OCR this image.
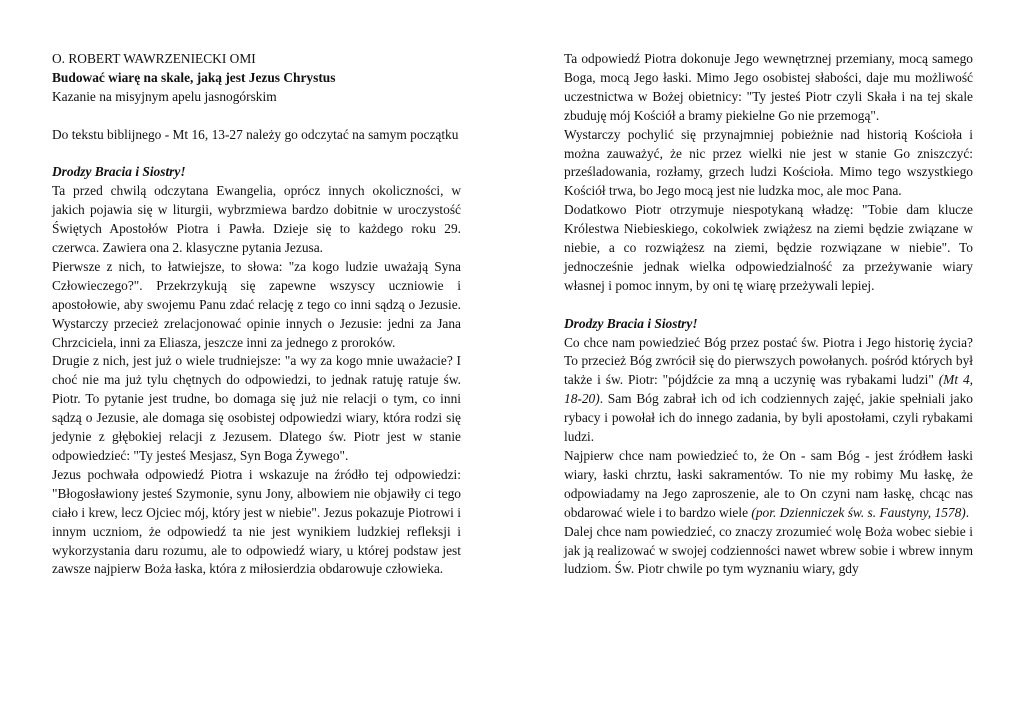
O. ROBERT WAWRZENIECKI OMI

Budować wiarę na skale, jaką jest Jezus Chrystus

Kazanie na misyjnym apelu jasnogórskim

Do tekstu biblijnego - Mt 16, 13-27 należy go odczytać na samym początku

Drodzy Bracia i Siostry!

Ta przed chwilą odczytana Ewangelia, oprócz innych okoliczności, w jakich pojawia się w liturgii, wybrzmiewa bardzo dobitnie w uroczystość Świętych Apostołów Piotra i Pawła. Dzieje się to każdego roku 29. czerwca. Zawiera ona 2. klasyczne pytania Jezusa.

Pierwsze z nich, to łatwiejsze, to słowa: "za kogo ludzie uważają Syna Człowieczego?". Przekrzykują się zapewne wszyscy uczniowie i apostołowie, aby swojemu Panu zdać relację z tego co inni sądzą o Jezusie. Wystarczy przecież zrelacjonować opinie innych o Jezusie: jedni za Jana Chrzciciela, inni za Eliasza, jeszcze inni za jednego z proroków.

Drugie z nich, jest już o wiele trudniejsze: "a wy za kogo mnie uważacie? I choć nie ma już tylu chętnych do odpowiedzi, to jednak ratuję ratuje św. Piotr. To pytanie jest trudne, bo domaga się już nie relacji o tym, co inni sądzą o Jezusie, ale domaga się osobistej odpowiedzi wiary, która rodzi się jedynie z głębokiej relacji z Jezusem. Dlatego św. Piotr jest w stanie odpowiedzieć: "Ty jesteś Mesjasz, Syn Boga Żywego".

Jezus pochwała odpowiedź Piotra i wskazuje na źródło tej odpowiedzi: "Błogosławiony jesteś Szymonie, synu Jony, albowiem nie objawiły ci tego ciało i krew, lecz Ojciec mój, który jest w niebie". Jezus pokazuje Piotrowi i innym uczniom, że odpowiedź ta nie jest wynikiem ludzkiej refleksji i wykorzystania daru rozumu, ale to odpowiedź wiary, u której podstaw jest zawsze najpierw Boża łaska, która z miłosierdzia obdarowuje człowieka.

Ta odpowiedź Piotra dokonuje Jego wewnętrznej przemiany, mocą samego Boga, mocą Jego łaski. Mimo Jego osobistej słabości, daje mu możliwość uczestnictwa w Bożej obietnicy: "Ty jesteś Piotr czyli Skała i na tej skale zbuduję mój Kościół a bramy piekielne Go nie przemogą".

Wystarczy pochylić się przynajmniej pobieżnie nad historią Kościoła i można zauważyć, że nic przez wielki nie jest w stanie Go zniszczyć: prześladowania, rozłamy, grzech ludzi Kościoła. Mimo tego wszystkiego Kościół trwa, bo Jego mocą jest nie ludzka moc, ale moc Pana.

Dodatkowo Piotr otrzymuje niespotykaną władzę: "Tobie dam klucze Królestwa Niebieskiego, cokolwiek zwiążesz na ziemi będzie związane w niebie, a co rozwiążesz na ziemi, będzie rozwiązane w niebie". To jednocześnie jednak wielka odpowiedzialność za przeżywanie wiary własnej i pomoc innym, by oni tę wiarę przeżywali lepiej.

Drodzy Bracia i Siostry!

Co chce nam powiedzieć Bóg przez postać św. Piotra i Jego historię życia? To przecież Bóg zwrócił się do pierwszych powołanych. pośród których był także i św. Piotr: "pójdźcie za mną a uczynię was rybakami ludzi" (Mt 4, 18-20). Sam Bóg zabrał ich od ich codziennych zajęć, jakie spełniali jako rybacy i powołał ich do innego zadania, by byli apostołami, czyli rybakami ludzi.

Najpierw chce nam powiedzieć to, że On - sam Bóg - jest źródłem łaski wiary, łaski chrztu, łaski sakramentów. To nie my robimy Mu łaskę, że odpowiadamy na Jego zaproszenie, ale to On czyni nam łaskę, chcąc nas obdarować wiele i to bardzo wiele (por. Dzienniczek św. s. Faustyny, 1578).

Dalej chce nam powiedzieć, co znaczy zrozumieć wolę Boża wobec siebie i jak ją realizować w swojej codzienności nawet wbrew sobie i wbrew innym ludziom. Św. Piotr chwile po tym wyznaniu wiary, gdy
